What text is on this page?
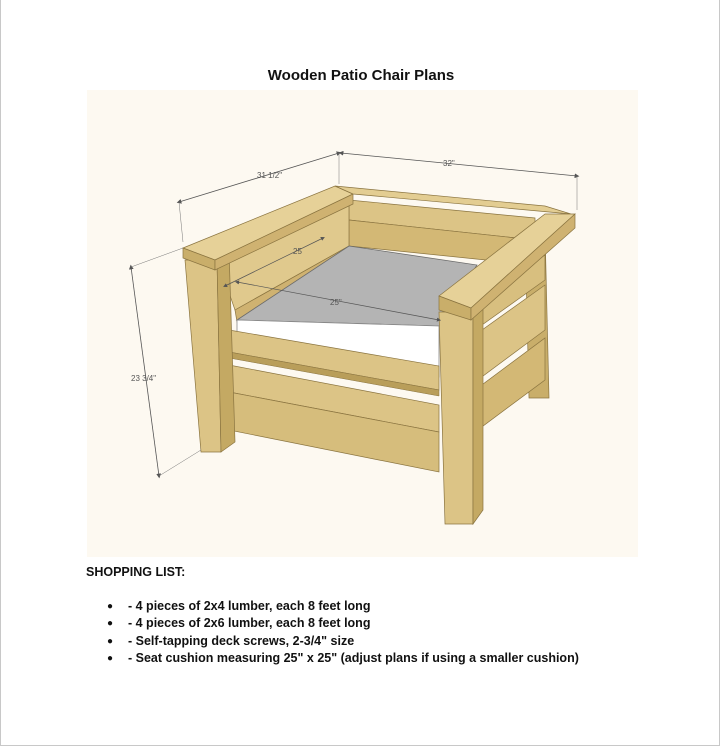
Wooden Patio Chair Plans
31 1/2"
32"
23 3/4"
25
25"
SHOPPING LIST:
● - 4 pieces of 2x4 lumber, each 8 feet long
● - 4 pieces of 2x6 lumber, each 8 feet long
● - Self-tapping deck screws, 2-3/4" size
● - Seat cushion measuring 25" x 25" (adjust plans if using a smaller cushion)
